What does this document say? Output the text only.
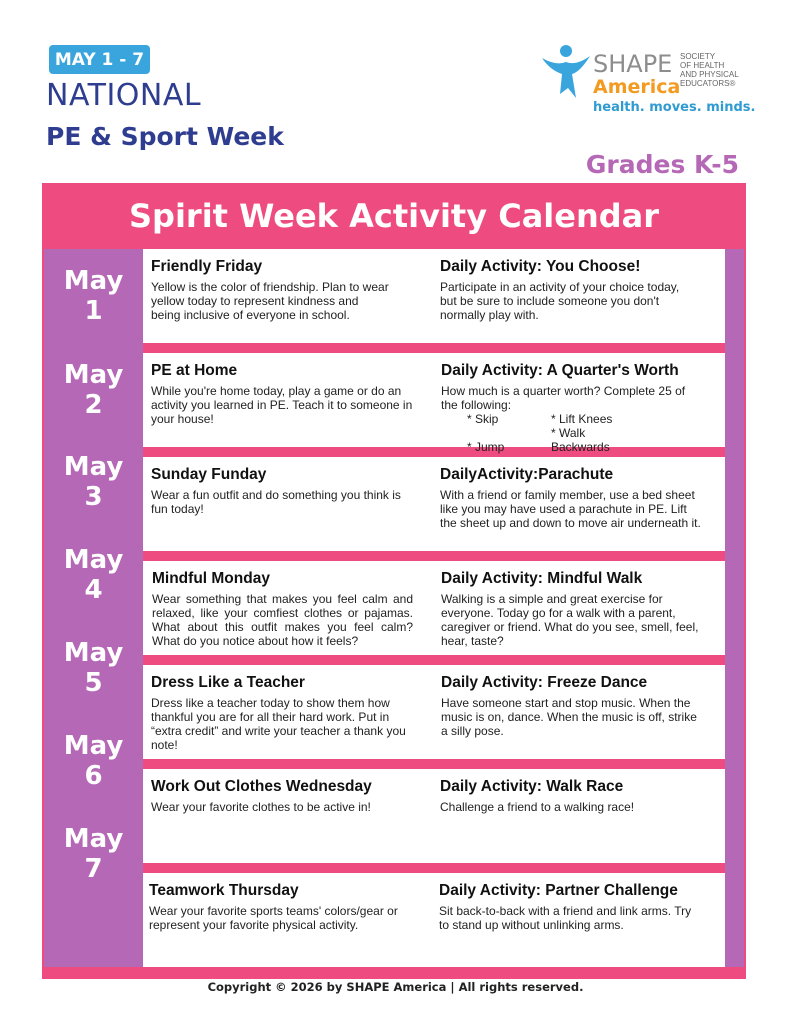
MAY 1 - 7
NATIONAL
PE & Sport Week
Grades K-5
SHAPE
America
SOCIETY
OF HEALTH
AND PHYSICAL
EDUCATORS®
health. moves. minds.
Spirit Week Activity Calendar
May
1
May
2
May
3
May
4
May
5
May
6
May
7
Friendly Friday
Yellow is the color of friendship. Plan to wear yellow today to represent kindness and being inclusive of everyone in school.
Daily Activity: You Choose!
Participate in an activity of your choice today, but be sure to include someone you don't normally play with.
PE at Home
While you're home today, play a game or do an activity you learned in PE. Teach it to someone in your house!
Daily Activity: A Quarter's Worth
How much is a quarter worth? Complete 25 of the following:
* Skip	* Lift Knees
* Jump* Walk Backwards
Sunday Funday
Wear a fun outfit and do something you think is fun today!
DailyActivity:Parachute
With a friend or family member, use a bed sheet like you may have used a parachute in PE. Lift the sheet up and down to move air underneath it.
Mindful Monday
Wear something that makes you feel calm and relaxed, like your comfiest clothes or pajamas. What about this outfit makes you feel calm? What do you notice about how it feels?
Daily Activity: Mindful Walk
Walking is a simple and great exercise for everyone. Today go for a walk with a parent, caregiver or friend. What do you see, smell, feel, hear, taste?
Dress Like a Teacher
Dress like a teacher today to show them how thankful you are for all their hard work. Put in “extra credit” and write your teacher a thank you note!
Daily Activity: Freeze Dance
Have someone start and stop music. When the music is on, dance. When the music is off, strike a silly pose.
Work Out Clothes Wednesday
Wear your favorite clothes to be active in!
Daily Activity: Walk Race
Challenge a friend to a walking race!
Teamwork Thursday
Wear your favorite sports teams' colors/gear or represent your favorite physical activity.
Daily Activity: Partner Challenge
Sit back-to-back with a friend and link arms. Try to stand up without unlinking arms.
Copyright © 2026 by SHAPE America | All rights reserved.
